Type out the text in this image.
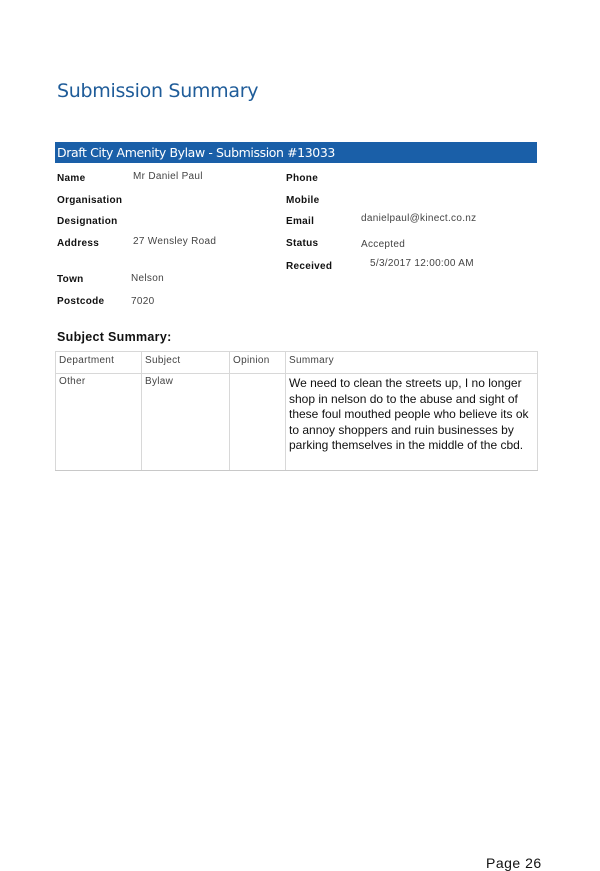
Submission Summary
Draft City Amenity Bylaw - Submission #13033
Name	Mr Daniel Paul
Organisation
Designation
Address	27 Wensley Road
Town	Nelson
Postcode	7020
Phone
Mobile
Email	danielpaul@kinect.co.nz
Status	Accepted
Received	5/3/2017 12:00:00 AM
Subject Summary:
Department	Subject	Opinion	Summary
Other	Bylaw		We need to clean the streets up, I no longer shop in nelson do to the abuse and sight of these foul mouthed people who believe its ok to annoy shoppers and ruin businesses by parking themselves in the middle of the cbd.
Page 26
